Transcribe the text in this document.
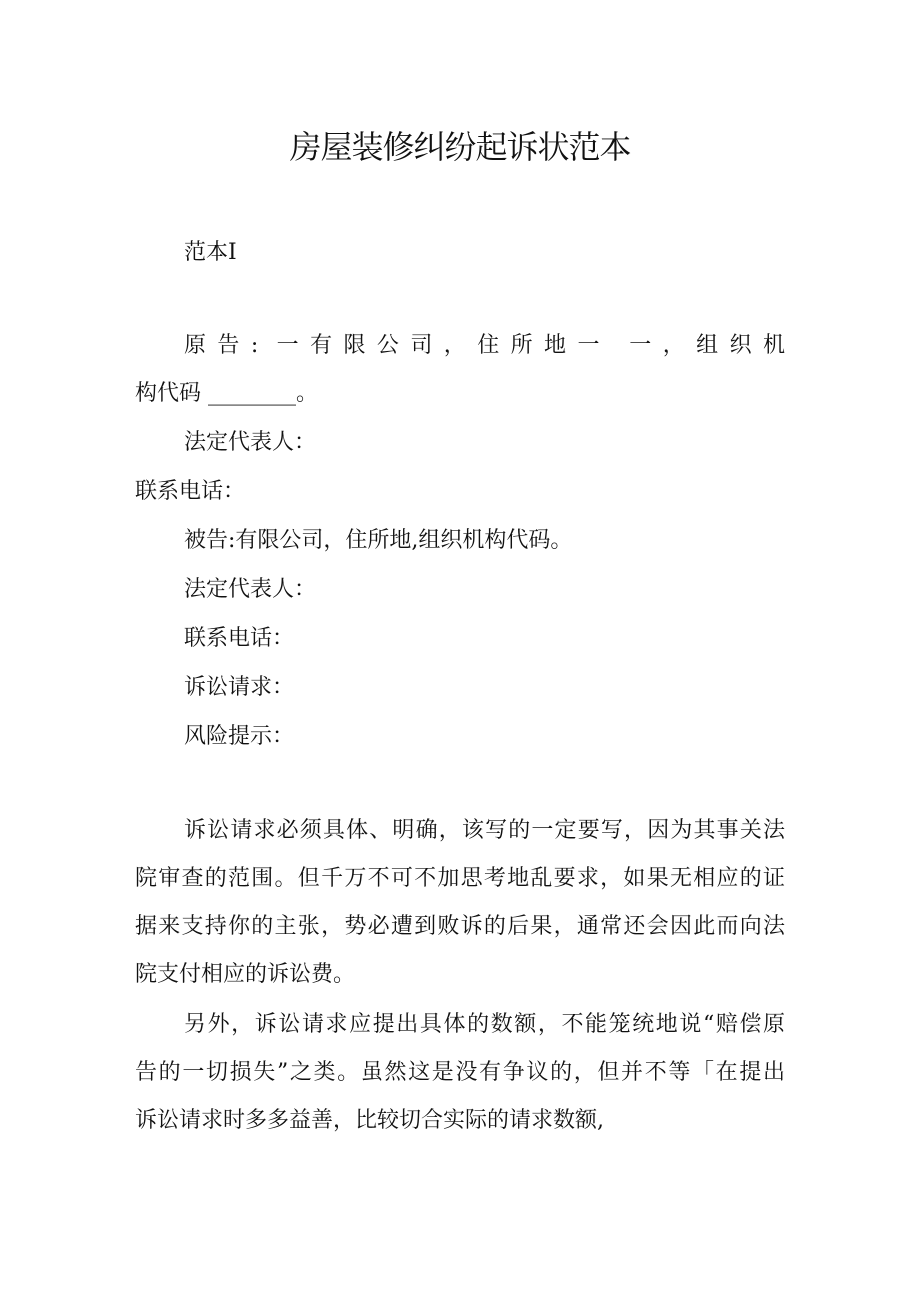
房屋装修纠纷起诉状范本

范本I

原告: 一有限公司，住所地一 一，组织机

构代码 ________。

法定代表人：

联系电话：

被告:有限公司，住所地,组织机构代码。

法定代表人：

联系电话：

诉讼请求：

风险提示：

诉讼请求必须具体、明确，该写的一定要写，因为其事关法

院审查的范围。但千万不可不加思考地乱要求，如果无相应的证

据来支持你的主张，势必遭到败诉的后果，通常还会因此而向法

院支付相应的诉讼费。

另外，诉讼请求应提出具体的数额，不能笼统地说“赔偿原

告的一切损失”之类。虽然这是没有争议的，但并不等「在提出

诉讼请求时多多益善，比较切合实际的请求数额,
